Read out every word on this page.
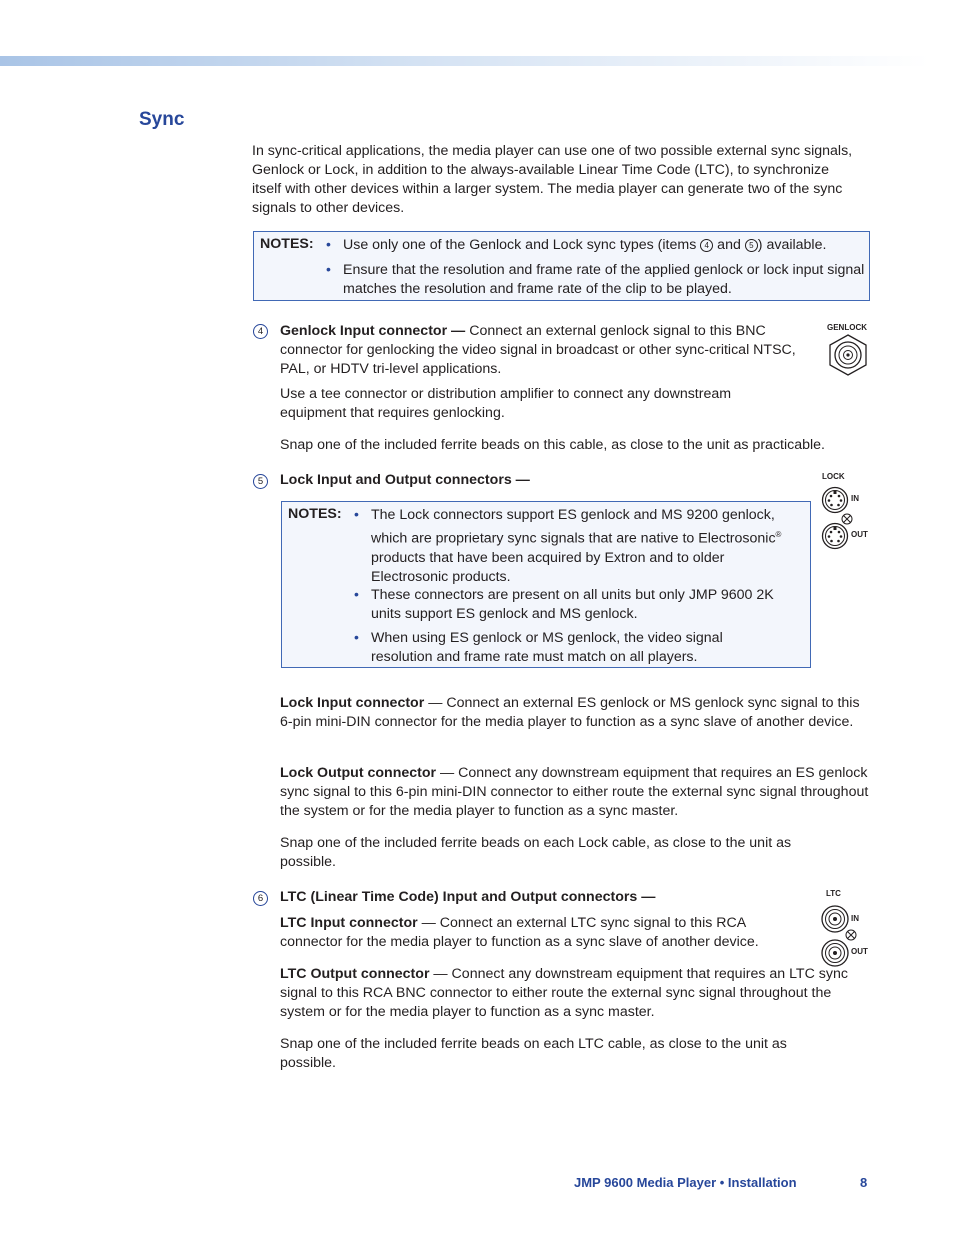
Sync

In sync-critical applications, the media player can use one of two possible external sync signals, Genlock or Lock, in addition to the always-available Linear Time Code (LTC), to synchronize itself with other devices within a larger system. The media player can generate two of the sync signals to other devices.

NOTES: • Use only one of the Genlock and Lock sync types (items 4 and 5 ) available.
• Ensure that the resolution and frame rate of the applied genlock or lock input signal matches the resolution and frame rate of the clip to be played.
4	Genlock Input connector — Connect an external genlock signal to this BNC connector for genlocking the video signal in broadcast or other sync-critical NTSC, PAL, or HDTV tri-level applications.

Use a tee connector or distribution amplifier to connect any downstream equipment that requires genlocking.

Snap one of the included ferrite beads on this cable, as close to the unit as practicable.

GENLOCK
5	Lock Input and Output connectors —	LOCK
IN
OUT
NOTES: • The Lock connectors support ES genlock and MS 9200 genlock, which are proprietary sync signals that are native to Electrosonic® products that have been acquired by Extron and to older Electrosonic products.
• These connectors are present on all units but only JMP 9600 2K units support ES genlock and MS genlock.
• When using ES genlock or MS genlock, the video signal resolution and frame rate must match on all players.

Lock Input connector — Connect an external ES genlock or MS genlock sync signal to this 6-pin mini-DIN connector for the media player to function as a sync slave of another device.

Lock Output connector — Connect any downstream equipment that requires an ES genlock sync signal to this 6-pin mini-DIN connector to either route the external sync signal throughout the system or for the media player to function as a sync master.

Snap one of the included ferrite beads on each Lock cable, as close to the unit as possible.

6	LTC (Linear Time Code) Input and Output connectors —	LTC
IN
OUT

LTC Input connector — Connect an external LTC sync signal to this RCA connector for the media player to function as a sync slave of another device.

LTC Output connector — Connect any downstream equipment that requires an LTC sync signal to this RCA BNC connector to either route the external sync signal throughout the system or for the media player to function as a sync master.

Snap one of the included ferrite beads on each LTC cable, as close to the unit as possible.

JMP 9600 Media Player • Installation	8
